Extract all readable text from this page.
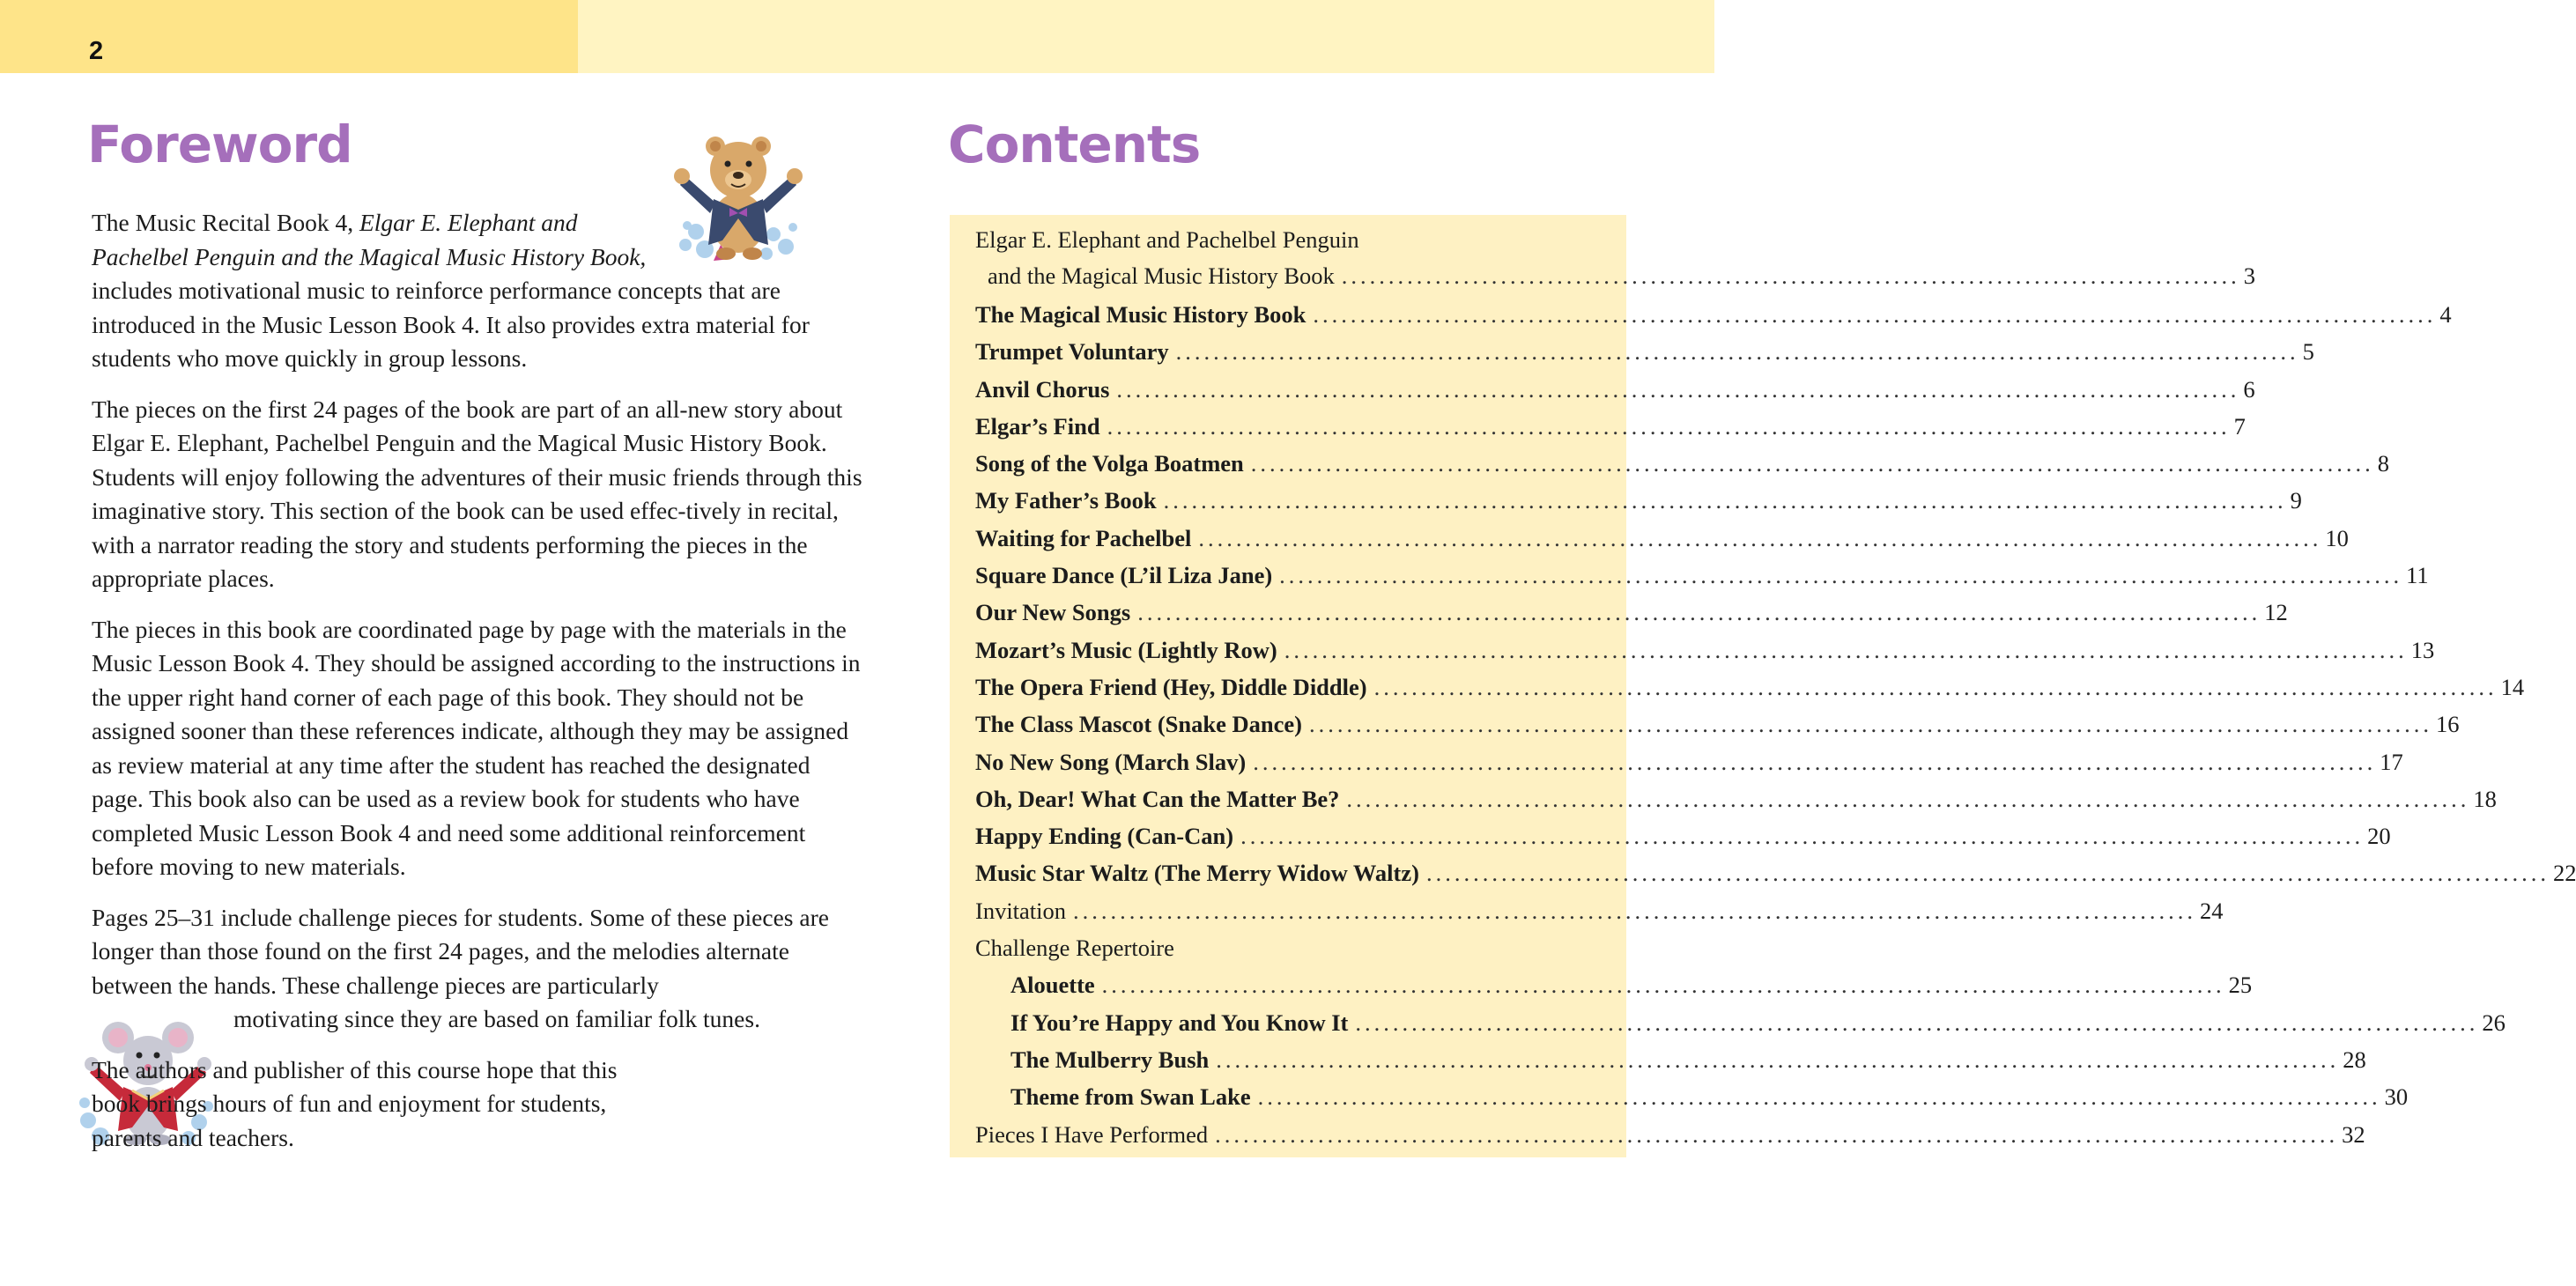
2
Foreword	Contents

The Music Recital Book 4, Elgar E. Elephant and
Pachelbel Penguin and the Magical Music History Book,
includes motivational music to reinforce performance concepts that are introduced in the Music Lesson Book 4. It also provides extra material for students who move quickly in group lessons.

The pieces on the first 24 pages of the book are part of an all-new story about Elgar E. Elephant, Pachelbel Penguin and the Magical Music History Book. Students will enjoy following the adventures of their music friends through this imaginative story. This section of the book can be used effec-tively in recital, with a narrator reading the story and students performing the pieces in the appropriate places.

The pieces in this book are coordinated page by page with the materials in the Music Lesson Book 4. They should be assigned according to the instructions in the upper right hand corner of each page of this book. They should not be assigned sooner than these references indicate, although they may be assigned as review material at any time after the student has reached the designated page. This book also can be used as a review book for students who have completed Music Lesson Book 4 and need some additional reinforcement before moving to new materials.

Pages 25–31 include challenge pieces for students. Some of these pieces are longer than those found on the first 24 pages, and the melodies alternate between the hands. These challenge pieces are particularly
motivating since they are based on familiar folk tunes.

The authors and publisher of this course hope that this book brings hours of fun and enjoyment for students, parents and teachers.

Elgar E. Elephant and Pachelbel Penguin
and the Magical Music History Book ................................................................................................ 3
The Magical Music History Book ........................................................................................................................ 4
Trumpet Voluntary ........................................................................................................................ 5
Anvil Chorus ........................................................................................................................ 6
Elgar’s Find ........................................................................................................................ 7
Song of the Volga Boatmen ........................................................................................................................ 8
My Father’s Book ........................................................................................................................ 9
Waiting for Pachelbel ........................................................................................................................ 10
Square Dance (L’il Liza Jane) ........................................................................................................................ 11
Our New Songs ........................................................................................................................ 12
Mozart’s Music (Lightly Row) ........................................................................................................................ 13
The Opera Friend (Hey, Diddle Diddle) ........................................................................................................................ 14
The Class Mascot (Snake Dance) ........................................................................................................................ 16
No New Song (March Slav) ........................................................................................................................ 17
Oh, Dear! What Can the Matter Be? ........................................................................................................................ 18
Happy Ending (Can-Can) ........................................................................................................................ 20
Music Star Waltz (The Merry Widow Waltz) ........................................................................................................................ 22
Invitation ........................................................................................................................ 24
Challenge Repertoire
Alouette ........................................................................................................................ 25
If You’re Happy and You Know It ........................................................................................................................ 26
The Mulberry Bush ........................................................................................................................ 28
Theme from Swan Lake ........................................................................................................................ 30
Pieces I Have Performed ........................................................................................................................ 32
